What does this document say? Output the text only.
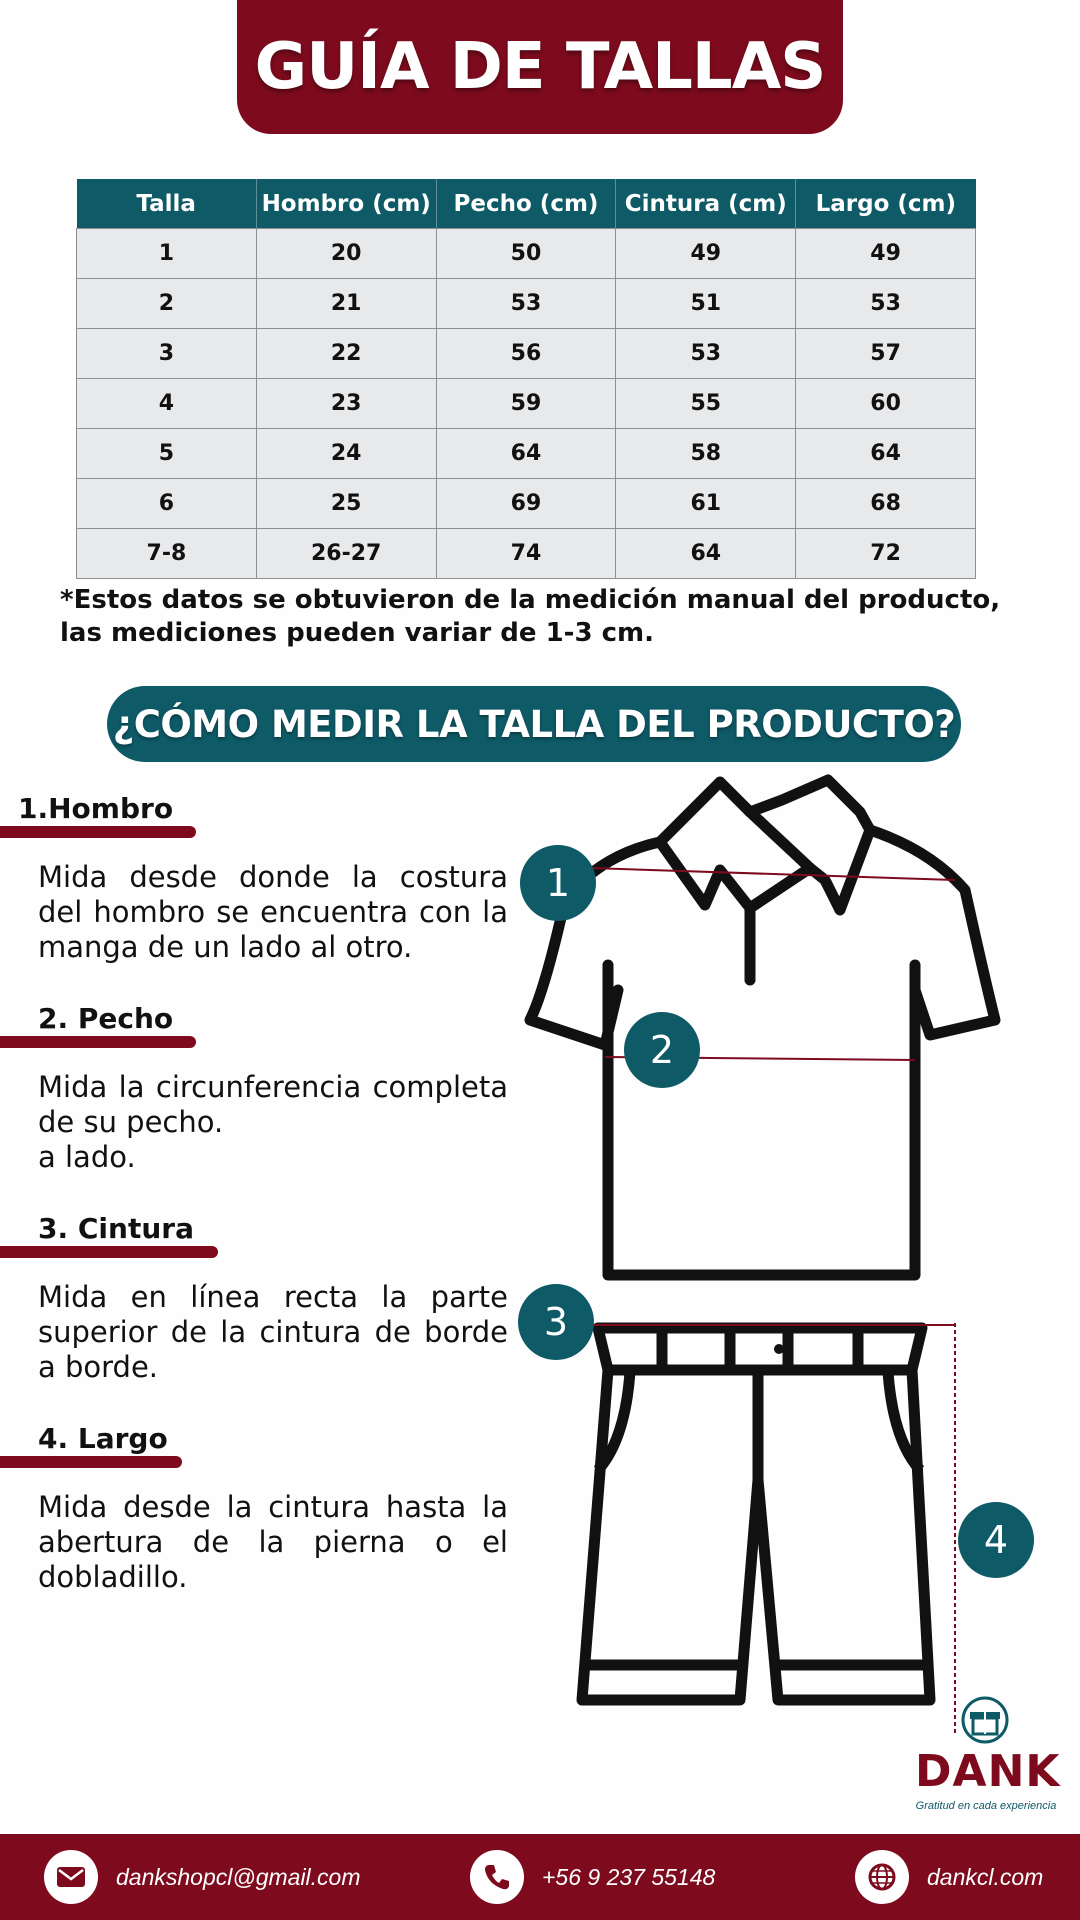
GUÍA DE TALLAS
Talla	Hombro (cm)	Pecho (cm)	Cintura (cm)	Largo (cm)
1	20	50	49	49
2	21	53	51	53
3	22	56	53	57
4	23	59	55	60
5	24	64	58	64
6	25	69	61	68
7-8	26-27	74	64	72
*Estos datos se obtuvieron de la medición manual del producto,
las mediciones pueden variar de 1-3 cm.
¿CÓMO MEDIR LA TALLA DEL PRODUCTO?
1.Hombro

Mida desde donde la costura del hombro se encuentra con la manga de un lado al otro.

2. Pecho

Mida la circunferencia completa de su pecho.
a lado.

3. Cintura

Mida en línea recta la parte superior de la cintura de borde a borde.

4. Largo

Mida desde la cintura hasta la abertura de la pierna o el dobladillo.

1
2
3
4
DANK
Gratitud en cada experiencia
dankshopcl@gmail.com	+56 9 237 55148	dankcl.com
